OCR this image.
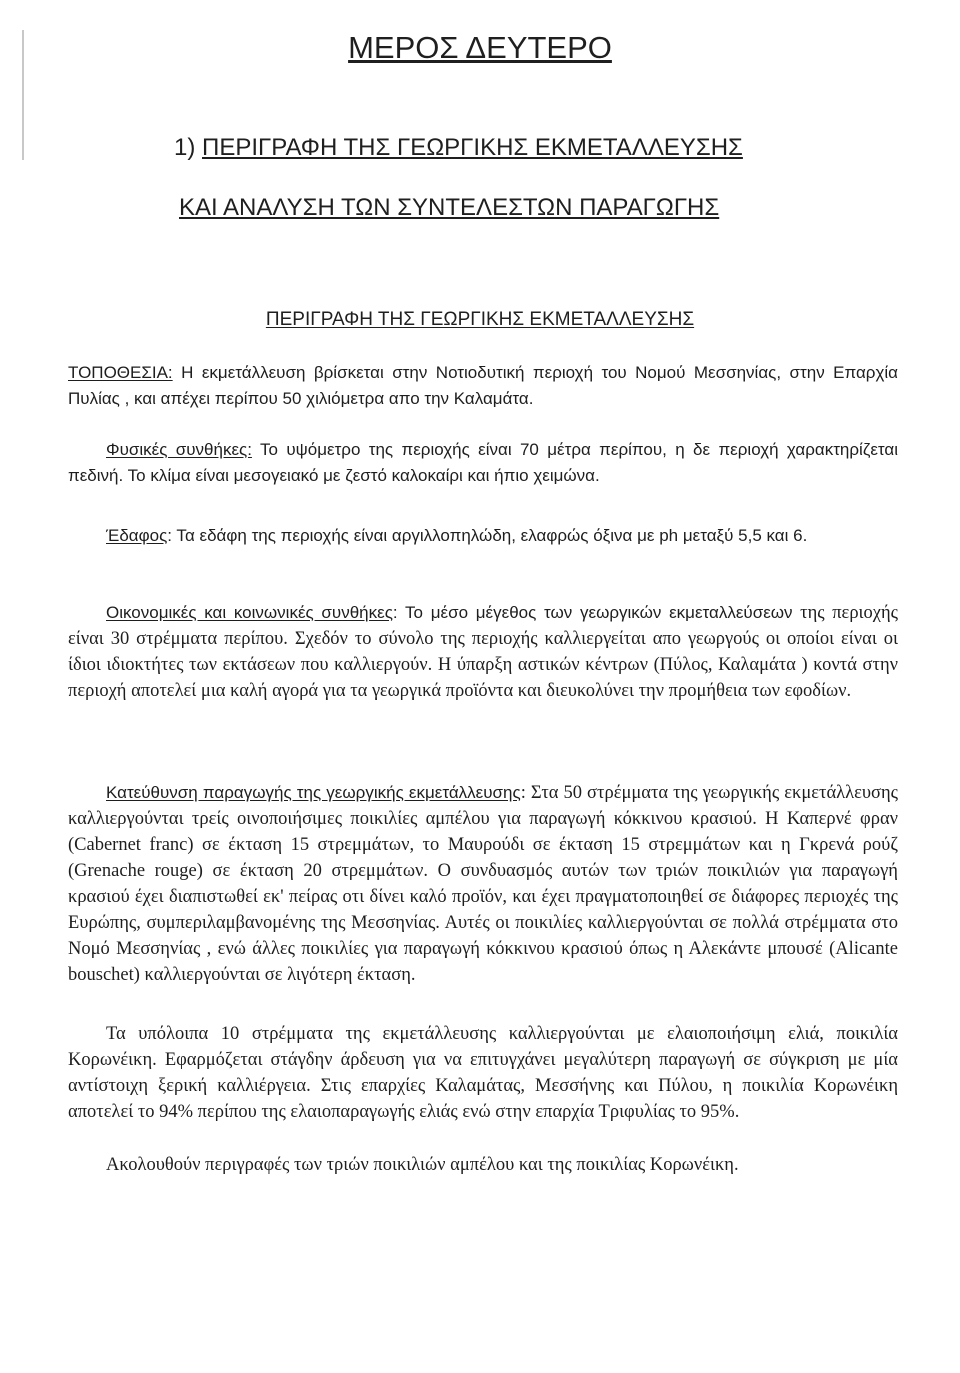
ΜΕΡΟΣ ΔΕΥΤΕΡΟ
1) ΠΕΡΙΓΡΑΦΗ ΤΗΣ ΓΕΩΡΓΙΚΗΣ ΕΚΜΕΤΑΛΛΕΥΣΗΣ
ΚΑΙ ΑΝΑΛΥΣΗ ΤΩΝ ΣΥΝΤΕΛΕΣΤΩΝ ΠΑΡΑΓΩΓΗΣ
ΠΕΡΙΓΡΑΦΗ ΤΗΣ ΓΕΩΡΓΙΚΗΣ ΕΚΜΕΤΑΛΛΕΥΣΗΣ
ΤΟΠΟΘΕΣΙΑ: Η εκμετάλλευση βρίσκεται στην Νοτιοδυτική περιοχή του Νομού Μεσσηνίας, στην Επαρχία Πυλίας , και απέχει περίπου 50 χιλιόμετρα απο την Καλαμάτα.
Φυσικές συνθήκες: Το υψόμετρο της περιοχής είναι 70 μέτρα περίπου, η δε περιοχή χαρακτηρίζεται πεδινή. Το κλίμα είναι μεσογειακό με ζεστό καλοκαίρι και ήπιο χειμώνα.
Έδαφος: Τα εδάφη της περιοχής είναι αργιλλοπηλώδη, ελαφρώς όξινα με ph μεταξύ 5,5 και 6.
Οικονομικές και κοινωνικές συνθήκες: Το μέσο μέγεθος των γεωργικών εκμεταλλεύσεων της περιοχής είναι 30 στρέμματα περίπου. Σχεδόν το σύνολο της περιοχής καλλιεργείται απο γεωργούς οι οποίοι είναι οι ίδιοι ιδιοκτήτες των εκτάσεων που καλλιεργούν. Η ύπαρξη αστικών κέντρων (Πύλος, Καλαμάτα ) κοντά στην περιοχή αποτελεί μια καλή αγορά για τα γεωργικά προϊόντα και διευκολύνει την προμήθεια των εφοδίων.
Κατεύθυνση παραγωγής της γεωργικής εκμετάλλευσης: Στα 50 στρέμματα της γεωργικής εκμετάλλευσης καλλιεργούνται τρείς οινοποιήσιμες ποικιλίες αμπέλου για παραγωγή κόκκινου κρασιού. Η Καπερνέ φραν (Cabernet franc) σε έκταση 15 στρεμμάτων, το Μαυρούδι σε έκταση 15 στρεμμάτων και η Γκρενά ρούζ (Grenache rouge) σε έκταση 20 στρεμμάτων. Ο συνδυασμός αυτών των τριών ποικιλιών για παραγωγή κρασιού έχει διαπιστωθεί εκ' πείρας οτι δίνει καλό προϊόν, και έχει πραγματοποιηθεί σε διάφορες περιοχές της Ευρώπης, συμπεριλαμβανομένης της Μεσσηνίας. Αυτές οι ποικιλίες καλλιεργούνται σε πολλά στρέμματα στο Νομό Μεσσηνίας , ενώ άλλες ποικιλίες για παραγωγή κόκκινου κρασιού όπως η Αλεκάντε μπουσέ (Alicante bouschet) καλλιεργούνται σε λιγότερη έκταση.
Τα υπόλοιπα 10 στρέμματα της εκμετάλλευσης καλλιεργούνται με ελαιοποιήσιμη ελιά, ποικιλία Κορωνέικη. Εφαρμόζεται στάγδην άρδευση για να επιτυγχάνει μεγαλύτερη παραγωγή σε σύγκριση με μία αντίστοιχη ξερική καλλιέργεια. Στις επαρχίες Καλαμάτας, Μεσσήνης και Πύλου, η ποικιλία Κορωνέικη αποτελεί το 94% περίπου της ελαιοπαραγωγής ελιάς ενώ στην επαρχία Τριφυλίας το 95%.
Ακολουθούν περιγραφές των τριών ποικιλιών αμπέλου και της ποικιλίας Κορωνέικη.
